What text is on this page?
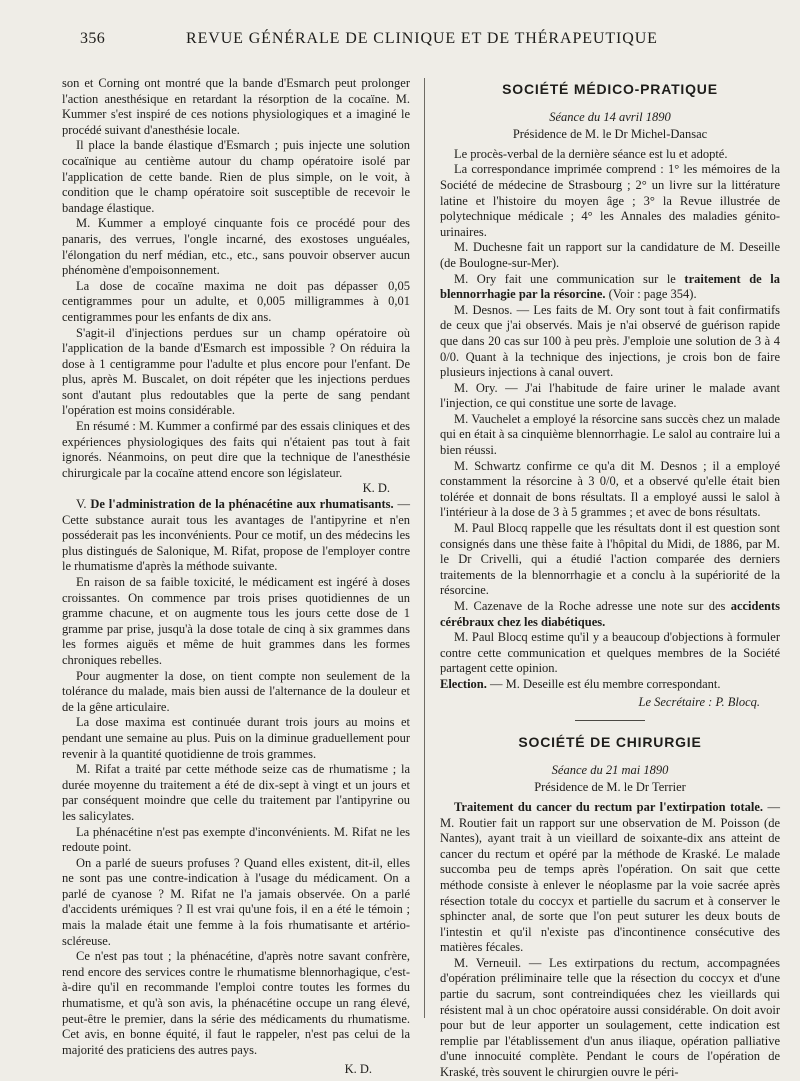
356	REVUE GÉNÉRALE DE CLINIQUE ET DE THÉRAPEUTIQUE

son et Corning ont montré que la bande d'Esmarch peut prolonger l'action anesthésique en retardant la résorption de la cocaïne. M. Kummer s'est inspiré de ces notions physiologiques et a imaginé le procédé suivant d'anesthésie locale.

Il place la bande élastique d'Esmarch ; puis injecte une solution cocaïnique au centième autour du champ opératoire isolé par l'application de cette bande. Rien de plus simple, on le voit, à condition que le champ opératoire soit susceptible de recevoir le bandage élastique.

M. Kummer a employé cinquante fois ce procédé pour des panaris, des verrues, l'ongle incarné, des exostoses unguéales, l'élongation du nerf médian, etc., etc., sans pouvoir observer aucun phénomène d'empoisonnement.

La dose de cocaïne maxima ne doit pas dépasser 0,05 centigrammes pour un adulte, et 0,005 milligrammes à 0,01 centigrammes pour les enfants de dix ans.

S'agit-il d'injections perdues sur un champ opératoire où l'application de la bande d'Esmarch est impossible ? On réduira la dose à 1 centigramme pour l'adulte et plus encore pour l'enfant. De plus, après M. Buscalet, on doit répéter que les injections perdues sont d'autant plus redoutables que la perte de sang pendant l'opération est moins considérable.

En résumé : M. Kummer a confirmé par des essais cliniques et des expériences physiologiques des faits qui n'étaient pas tout à fait ignorés. Néanmoins, on peut dire que la technique de l'anesthésie chirurgicale par la cocaïne attend encore son législateur.

K. D.

V. De l'administration de la phénacétine aux rhumatisants. — Cette substance aurait tous les avantages de l'antipyrine et n'en posséderait pas les inconvénients. Pour ce motif, un des médecins les plus distingués de Salonique, M. Rifat, propose de l'employer contre le rhumatisme d'après la méthode suivante.

En raison de sa faible toxicité, le médicament est ingéré à doses croissantes. On commence par trois prises quotidiennes de un gramme chacune, et on augmente tous les jours cette dose de 1 gramme par prise, jusqu'à la dose totale de cinq à six grammes dans les formes aiguës et même de huit grammes dans les formes chroniques rebelles.

Pour augmenter la dose, on tient compte non seulement de la tolérance du malade, mais bien aussi de l'alternance de la douleur et de la gêne articulaire.

La dose maxima est continuée durant trois jours au moins et pendant une semaine au plus. Puis on la diminue graduellement pour revenir à la quantité quotidienne de trois grammes.

M. Rifat a traité par cette méthode seize cas de rhumatisme ; la durée moyenne du traitement a été de dix-sept à vingt et un jours et par conséquent moindre que celle du traitement par l'antipyrine ou les salicylates.

La phénacétine n'est pas exempte d'inconvénients. M. Rifat ne les redoute point.

On a parlé de sueurs profuses ? Quand elles existent, dit-il, elles ne sont pas une contre-indication à l'usage du médicament. On a parlé de cyanose ? M. Rifat ne l'a jamais observée. On a parlé d'accidents urémiques ? Il est vrai qu'une fois, il en a été le témoin ; mais la malade était une femme à la fois rhumatisante et artério-scléreuse.

Ce n'est pas tout ; la phénacétine, d'après notre savant confrère, rend encore des services contre le rhumatisme blennorhagique, c'est-à-dire qu'il en recommande l'emploi contre toutes les formes du rhumatisme, et qu'à son avis, la phénacétine occupe un rang élevé, peut-être le premier, dans la série des médicaments du rhumatisme. Cet avis, en bonne équité, il faut le rappeler, n'est pas celui de la majorité des praticiens des autres pays.

K. D.
SOCIÉTÉ MÉDICO-PRATIQUE

Séance du 14 avril 1890

Présidence de M. le Dr Michel-Dansac

Le procès-verbal de la dernière séance est lu et adopté.

La correspondance imprimée comprend : 1° les mémoires de la Société de médecine de Strasbourg ; 2° un livre sur la littérature latine et l'histoire du moyen âge ; 3° la Revue illustrée de polytechnique médicale ; 4° les Annales des maladies génito-urinaires.

M. Duchesne fait un rapport sur la candidature de M. Deseille (de Boulogne-sur-Mer).

M. Ory fait une communication sur le traitement de la blennorrhagie par la résorcine. (Voir : page 354).

M. Desnos. — Les faits de M. Ory sont tout à fait confirmatifs de ceux que j'ai observés. Mais je n'ai observé de guérison rapide que dans 20 cas sur 100 à peu près. J'emploie une solution de 3 à 4 0/0. Quant à la technique des injections, je crois bon de faire plusieurs injections à canal ouvert.

M. Ory. — J'ai l'habitude de faire uriner le malade avant l'injection, ce qui constitue une sorte de lavage.

M. Vauchelet a employé la résorcine sans succès chez un malade qui en était à sa cinquième blennorrhagie. Le salol au contraire lui a bien réussi.

M. Schwartz confirme ce qu'a dit M. Desnos ; il a employé constamment la résorcine à 3 0/0, et a observé qu'elle était bien tolérée et donnait de bons résultats. Il a employé aussi le salol à l'intérieur à la dose de 3 à 5 grammes ; et avec de bons résultats.

M. Paul Blocq rappelle que les résultats dont il est question sont consignés dans une thèse faite à l'hôpital du Midi, de 1886, par M. le Dr Crivelli, qui a étudié l'action comparée des derniers traitements de la blennorrhagie et a conclu à la supériorité de la résorcine.

M. Cazenave de la Roche adresse une note sur des accidents cérébraux chez les diabétiques.

M. Paul Blocq estime qu'il y a beaucoup d'objections à formuler contre cette communication et quelques membres de la Société partagent cette opinion.

Election. — M. Deseille est élu membre correspondant.

Le Secrétaire : P. Blocq.

SOCIÉTÉ DE CHIRURGIE

Séance du 21 mai 1890

Présidence de M. le Dr Terrier

Traitement du cancer du rectum par l'extirpation totale. — M. Routier fait un rapport sur une observation de M. Poisson (de Nantes), ayant trait à un vieillard de soixante-dix ans atteint de cancer du rectum et opéré par la méthode de Kraské. Le malade succomba peu de temps après l'opération. On sait que cette méthode consiste à enlever le néoplasme par la voie sacrée après résection totale du coccyx et partielle du sacrum et à conserver le sphincter anal, de sorte que l'on peut suturer les deux bouts de l'intestin et qu'il n'existe pas d'incontinence consécutive des matières fécales.

M. Verneuil. — Les extirpations du rectum, accompagnées d'opération préliminaire telle que la résection du coccyx et d'une partie du sacrum, sont contreindiquées chez les vieillards qui résistent mal à un choc opératoire aussi considérable. On doit avoir pour but de leur apporter un soulagement, cette indication est remplie par l'établissement d'un anus iliaque, opération palliative d'une innocuité complète. Pendant le cours de l'opération de Kraské, très souvent le chirurgien ouvre le péri-
